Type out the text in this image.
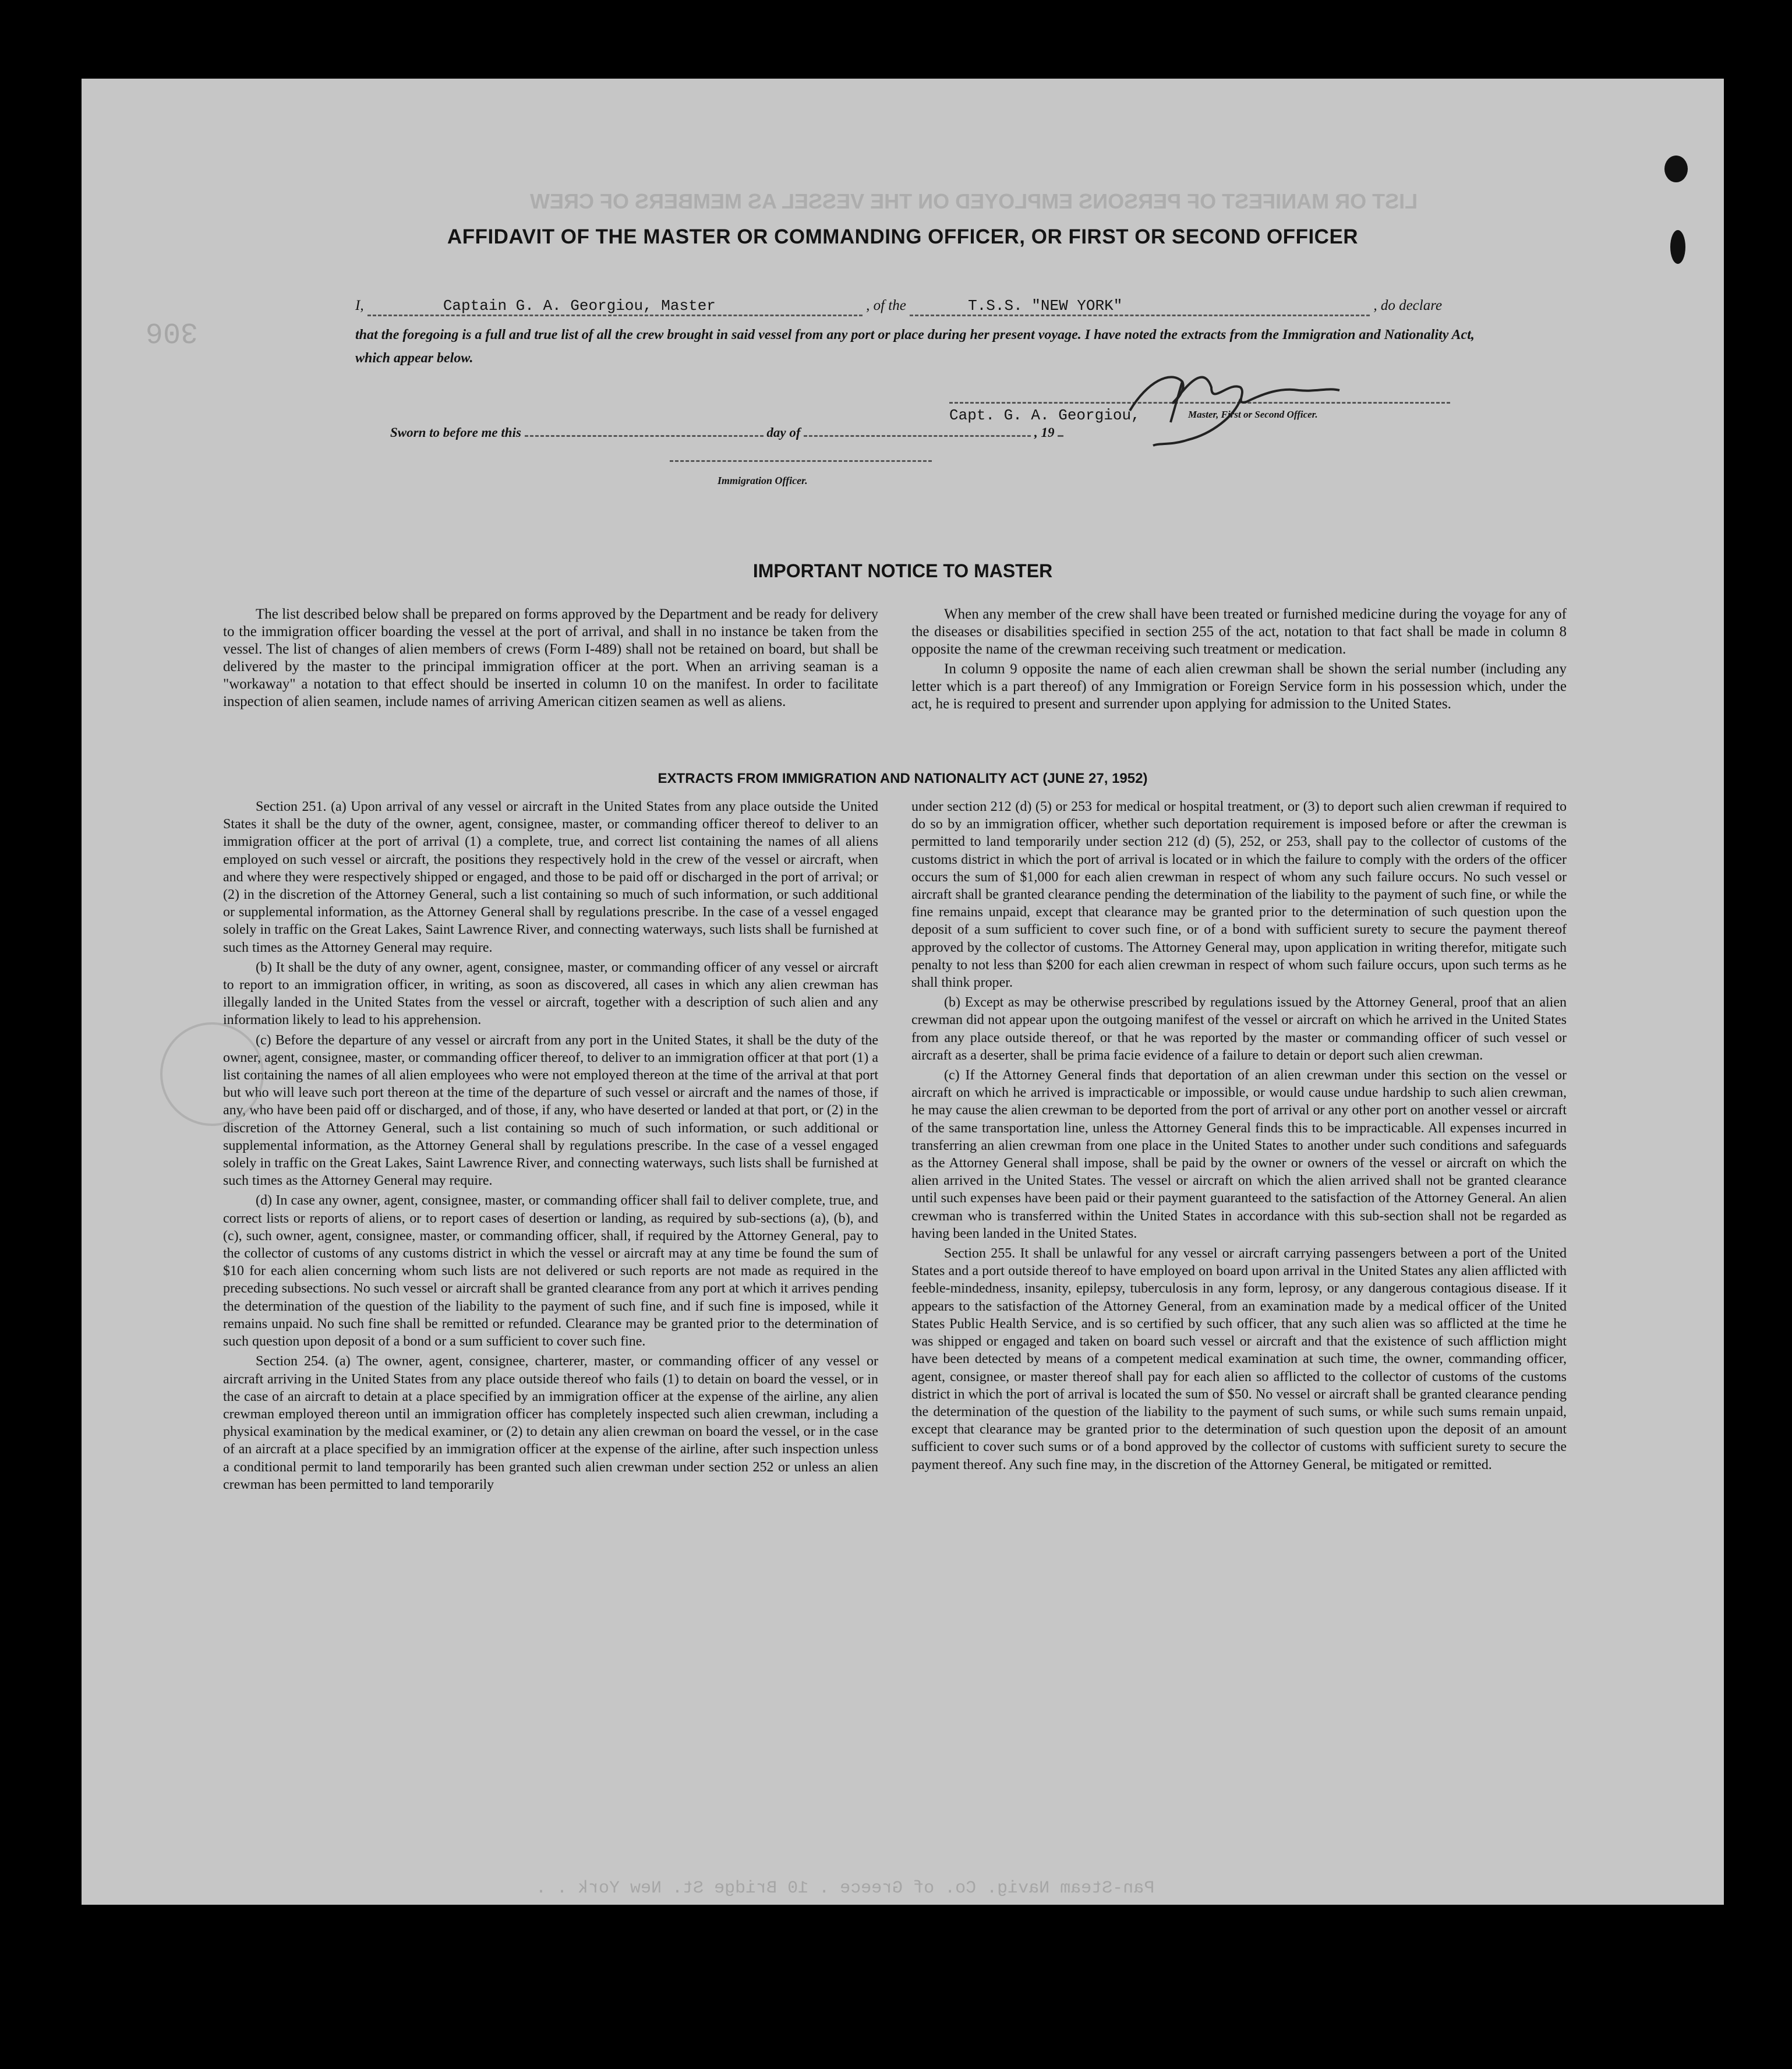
LIST OR MANIFEST OF PERSONS EMPLOYED ON THE VESSEL AS MEMBERS OF CREW
306
AFFIDAVIT OF THE MASTER OR COMMANDING OFFICER, OR FIRST OR SECOND OFFICER
I,	Captain G. A. Georgiou, Master	, of the	T.S.S. "NEW YORK"	, do declare
that the foregoing is a full and true list of all the crew brought in said vessel from any port or place during her present voyage. I have noted the extracts from the Immigration and Nationality Act, which appear below.
Sworn to before me this	day of	, 19
Capt. G. A. Georgiou,	Master, First or Second Officer.
Immigration Officer.
IMPORTANT NOTICE TO MASTER

The list described below shall be prepared on forms approved by the Department and be ready for delivery to the immigration officer boarding the vessel at the port of arrival, and shall in no instance be taken from the vessel. The list of changes of alien members of crews (Form I-489) shall not be retained on board, but shall be delivered by the master to the principal immigration officer at the port. When an arriving seaman is a "workaway" a notation to that effect should be inserted in column 10 on the manifest. In order to facilitate inspection of alien seamen, include names of arriving American citizen seamen as well as aliens.

When any member of the crew shall have been treated or furnished medicine during the voyage for any of the diseases or disabilities specified in section 255 of the act, notation to that fact shall be made in column 8 opposite the name of the crewman receiving such treatment or medication.

In column 9 opposite the name of each alien crewman shall be shown the serial number (including any letter which is a part thereof) of any Immigration or Foreign Service form in his possession which, under the act, he is required to present and surrender upon applying for admission to the United States.

EXTRACTS FROM IMMIGRATION AND NATIONALITY ACT (JUNE 27, 1952)

Section 251. (a) Upon arrival of any vessel or aircraft in the United States from any place outside the United States it shall be the duty of the owner, agent, consignee, master, or commanding officer thereof to deliver to an immigration officer at the port of arrival (1) a complete, true, and correct list containing the names of all aliens employed on such vessel or aircraft, the positions they respectively hold in the crew of the vessel or aircraft, when and where they were respectively shipped or engaged, and those to be paid off or discharged in the port of arrival; or (2) in the discretion of the Attorney General, such a list containing so much of such information, or such additional or supplemental information, as the Attorney General shall by regulations prescribe. In the case of a vessel engaged solely in traffic on the Great Lakes, Saint Lawrence River, and connecting waterways, such lists shall be furnished at such times as the Attorney General may require.

(b) It shall be the duty of any owner, agent, consignee, master, or commanding officer of any vessel or aircraft to report to an immigration officer, in writing, as soon as discovered, all cases in which any alien crewman has illegally landed in the United States from the vessel or aircraft, together with a description of such alien and any information likely to lead to his apprehension.

(c) Before the departure of any vessel or aircraft from any port in the United States, it shall be the duty of the owner, agent, consignee, master, or commanding officer thereof, to deliver to an immigration officer at that port (1) a list containing the names of all alien employees who were not employed thereon at the time of the arrival at that port but who will leave such port thereon at the time of the departure of such vessel or aircraft and the names of those, if any, who have been paid off or discharged, and of those, if any, who have deserted or landed at that port, or (2) in the discretion of the Attorney General, such a list containing so much of such information, or such additional or supplemental information, as the Attorney General shall by regulations prescribe. In the case of a vessel engaged solely in traffic on the Great Lakes, Saint Lawrence River, and connecting waterways, such lists shall be furnished at such times as the Attorney General may require.

(d) In case any owner, agent, consignee, master, or commanding officer shall fail to deliver complete, true, and correct lists or reports of aliens, or to report cases of desertion or landing, as required by sub-sections (a), (b), and (c), such owner, agent, consignee, master, or commanding officer, shall, if required by the Attorney General, pay to the collector of customs of any customs district in which the vessel or aircraft may at any time be found the sum of $10 for each alien concerning whom such lists are not delivered or such reports are not made as required in the preceding subsections. No such vessel or aircraft shall be granted clearance from any port at which it arrives pending the determination of the question of the liability to the payment of such fine, and if such fine is imposed, while it remains unpaid. No such fine shall be remitted or refunded. Clearance may be granted prior to the determination of such question upon deposit of a bond or a sum sufficient to cover such fine.

Section 254. (a) The owner, agent, consignee, charterer, master, or commanding officer of any vessel or aircraft arriving in the United States from any place outside thereof who fails (1) to detain on board the vessel, or in the case of an aircraft to detain at a place specified by an immigration officer at the expense of the airline, any alien crewman employed thereon until an immigration officer has completely inspected such alien crewman, including a physical examination by the medical examiner, or (2) to detain any alien crewman on board the vessel, or in the case of an aircraft at a place specified by an immigration officer at the expense of the airline, after such inspection unless a conditional permit to land temporarily has been granted such alien crewman under section 252 or unless an alien crewman has been permitted to land temporarily

under section 212 (d) (5) or 253 for medical or hospital treatment, or (3) to deport such alien crewman if required to do so by an immigration officer, whether such deportation requirement is imposed before or after the crewman is permitted to land temporarily under section 212 (d) (5), 252, or 253, shall pay to the collector of customs of the customs district in which the port of arrival is located or in which the failure to comply with the orders of the officer occurs the sum of $1,000 for each alien crewman in respect of whom any such failure occurs. No such vessel or aircraft shall be granted clearance pending the determination of the liability to the payment of such fine, or while the fine remains unpaid, except that clearance may be granted prior to the determination of such question upon the deposit of a sum sufficient to cover such fine, or of a bond with sufficient surety to secure the payment thereof approved by the collector of customs. The Attorney General may, upon application in writing therefor, mitigate such penalty to not less than $200 for each alien crewman in respect of whom such failure occurs, upon such terms as he shall think proper.

(b) Except as may be otherwise prescribed by regulations issued by the Attorney General, proof that an alien crewman did not appear upon the outgoing manifest of the vessel or aircraft on which he arrived in the United States from any place outside thereof, or that he was reported by the master or commanding officer of such vessel or aircraft as a deserter, shall be prima facie evidence of a failure to detain or deport such alien crewman.

(c) If the Attorney General finds that deportation of an alien crewman under this section on the vessel or aircraft on which he arrived is impracticable or impossible, or would cause undue hardship to such alien crewman, he may cause the alien crewman to be deported from the port of arrival or any other port on another vessel or aircraft of the same transportation line, unless the Attorney General finds this to be impracticable. All expenses incurred in transferring an alien crewman from one place in the United States to another under such conditions and safeguards as the Attorney General shall impose, shall be paid by the owner or owners of the vessel or aircraft on which the alien arrived in the United States. The vessel or aircraft on which the alien arrived shall not be granted clearance until such expenses have been paid or their payment guaranteed to the satisfaction of the Attorney General. An alien crewman who is transferred within the United States in accordance with this sub-section shall not be regarded as having been landed in the United States.

Section 255. It shall be unlawful for any vessel or aircraft carrying passengers between a port of the United States and a port outside thereof to have employed on board upon arrival in the United States any alien afflicted with feeble-mindedness, insanity, epilepsy, tuberculosis in any form, leprosy, or any dangerous contagious disease. If it appears to the satisfaction of the Attorney General, from an examination made by a medical officer of the United States Public Health Service, and is so certified by such officer, that any such alien was so afflicted at the time he was shipped or engaged and taken on board such vessel or aircraft and that the existence of such affliction might have been detected by means of a competent medical examination at such time, the owner, commanding officer, agent, consignee, or master thereof shall pay for each alien so afflicted to the collector of customs of the customs district in which the port of arrival is located the sum of $50. No vessel or aircraft shall be granted clearance pending the determination of the question of the liability to the payment of such sums, or while such sums remain unpaid, except that clearance may be granted prior to the determination of such question upon the deposit of an amount sufficient to cover such sums or of a bond approved by the collector of customs with sufficient surety to secure the payment thereof. Any such fine may, in the discretion of the Attorney General, be mitigated or remitted.

Pan-Steam Navig. Co. of Greece . 10 Bridge St. New York . .
